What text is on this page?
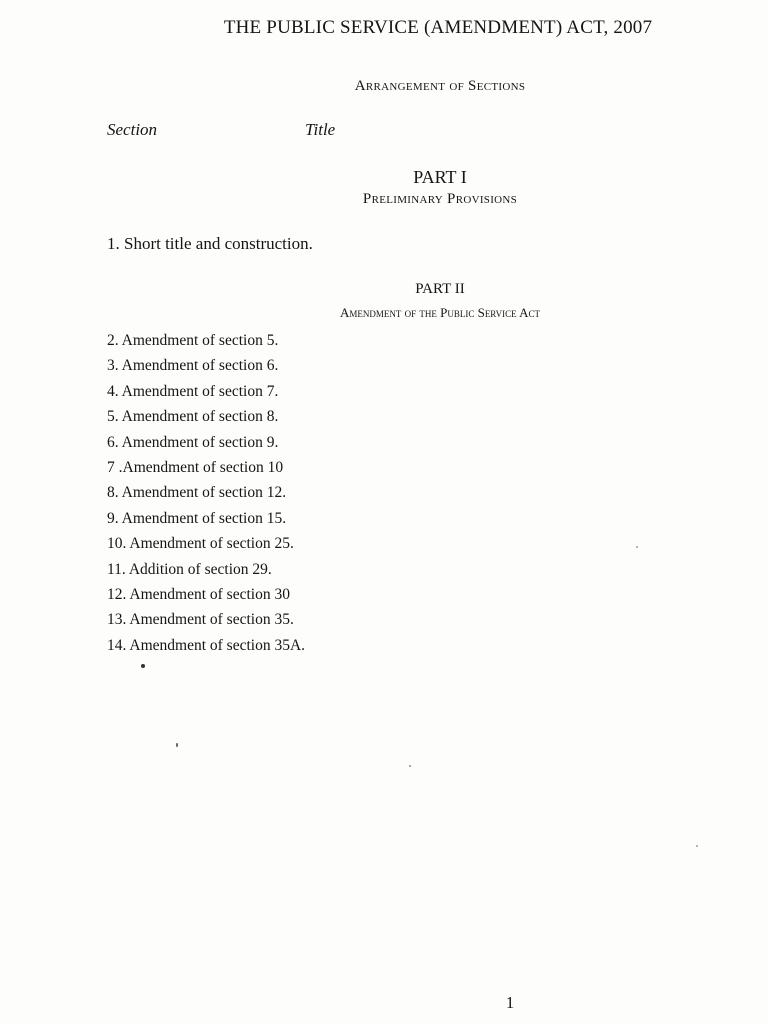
THE PUBLIC SERVICE (AMENDMENT) ACT, 2007
Arrangement of Sections
Section	Title
PART I
Preliminary Provisions
1. Short title and construction.
PART II
Amendment of the Public Service Act
2. Amendment of section 5.
3. Amendment of section 6.
4. Amendment of section 7.
5. Amendment of section 8.
6. Amendment of section 9.
7 .Amendment of section 10
8. Amendment of section 12.
9. Amendment of section 15.
10. Amendment of section 25.
11. Addition of section 29.
12. Amendment of section 30
13. Amendment of section 35.
14. Amendment of section 35A.
1
